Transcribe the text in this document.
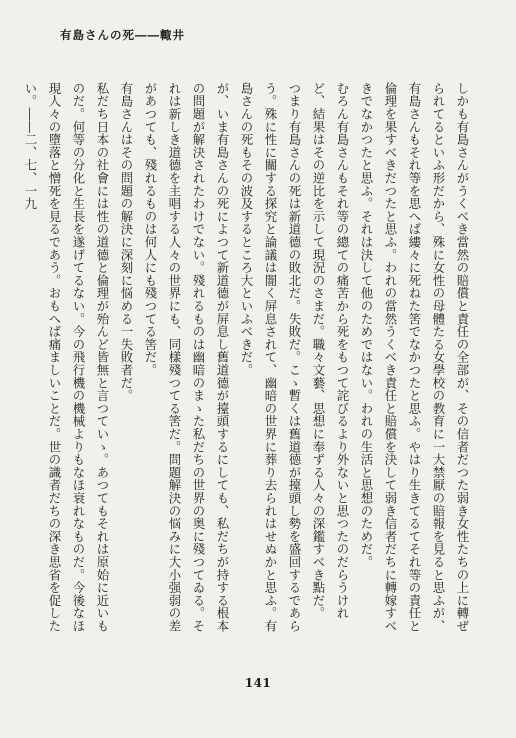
有島さんの死――輙井

しかも有島さんがうくべき當然の賠償と責任の全部が、その信者だつた弱き女性たちの上に轉ぜられてるといふ形だから、殊に女性の母體たる女學校の教育に一大禁厭の賠報を見ると思ふが、有島さんもそれ等を思へば縷々に死ねた筈でなかつたと思ふ。やはり生きてるてそれ等の責任と倫理を果すべきだつたと思ふ。われの當然うくべき責任と賠償を決して弱き信者だちに轉嫁すべきでなかつたと思ふ。それは決して他のためではない。われの生活と思想のためだ。

むろん有島さんもそれ等の總ての痛苦から死をもつて詫びるより外ないと思つたのだらうけれど、結果はその逆比を示して現況のさまだ。職々文藝、思想に奉ずる人々の深鑑すべき點だ。

つまり有島さんの死は新道德の敗北だ。失敗だ。こゝ暫くは舊道德が擡頭し勢を盛回するであらう。殊に性に關する探究と論議は闇く屏息されて、幽暗の世界に葬り去られはせぬかと思ふ。有島さんの死もその波及するところ大といふべきだ。

が、いま有島さんの死によつて新道德が屏息し舊道德が擡頭するにしても、私だちが持する根本の問題が解決されたわけでない。殘れるものは幽暗のまゝた私だちの世界の奥に殘つてゐる。それは新しき道德を主唱する人々の世界にも、同樣殘つてる筈だ。問題解決の悩みに大小强弱の差があつても、殘れるものは何人にも殘つてる筈だ。

有島さんはその問題の解決に深刻に悩める一失敗者だ。

私だち日本の社會には性の道德と倫理が殆んど皆無と言つていゝ。あつてもそれは原始に近いものだ。何等の分化と生長を遂げてるない。今の飛行機の機械よりもなほ衰れなものだ。今後なほ現人々の墮落と憎死を見るであう。おもへば痛ましいことだ。世の識者だちの深き思省を促したい。――二、七、一九

141
